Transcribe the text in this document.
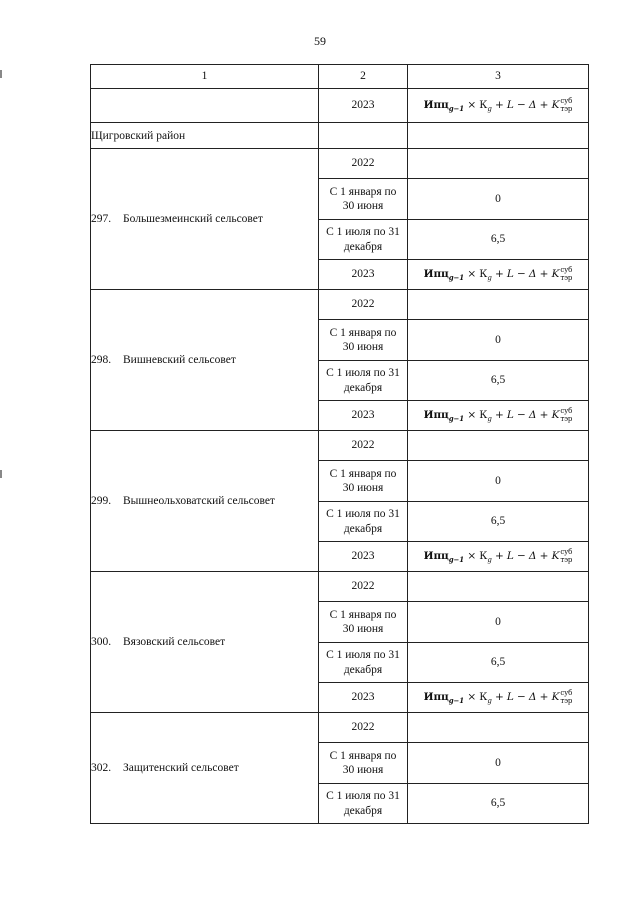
59
1	2	3
	2023	$Ипц_{g-1} \times К_g + L - \Delta + K$ суб
тэр

Щигровский район		
297. Большезмеинский сельсовет	2022	
	С 1 января по
30 июня	0
	С 1 июля по 31
декабря	6,5
	2023	$Ипц_{g-1} \times К_g + L - \Delta + K$ суб
тэр

298. Вишневский сельсовет	2022	
	С 1 января по
30 июня	0
	С 1 июля по 31
декабря	6,5
	2023	$Ипц_{g-1} \times К_g + L - \Delta + K$ суб
тэр

299. Вышнеольховатский сельсовет	2022	
	С 1 января по
30 июня	0
	С 1 июля по 31
декабря	6,5
	2023	$Ипц_{g-1} \times К_g + L - \Delta + K$ суб
тэр

300. Вязовский сельсовет	2022	
	С 1 января по
30 июня	0
	С 1 июля по 31
декабря	6,5
	2023	$Ипц_{g-1} \times К_g + L - \Delta + K$ суб
тэр

302. Защитенский сельсовет	2022	
	С 1 января по
30 июня	0
	С 1 июля по 31
декабря	6,5
